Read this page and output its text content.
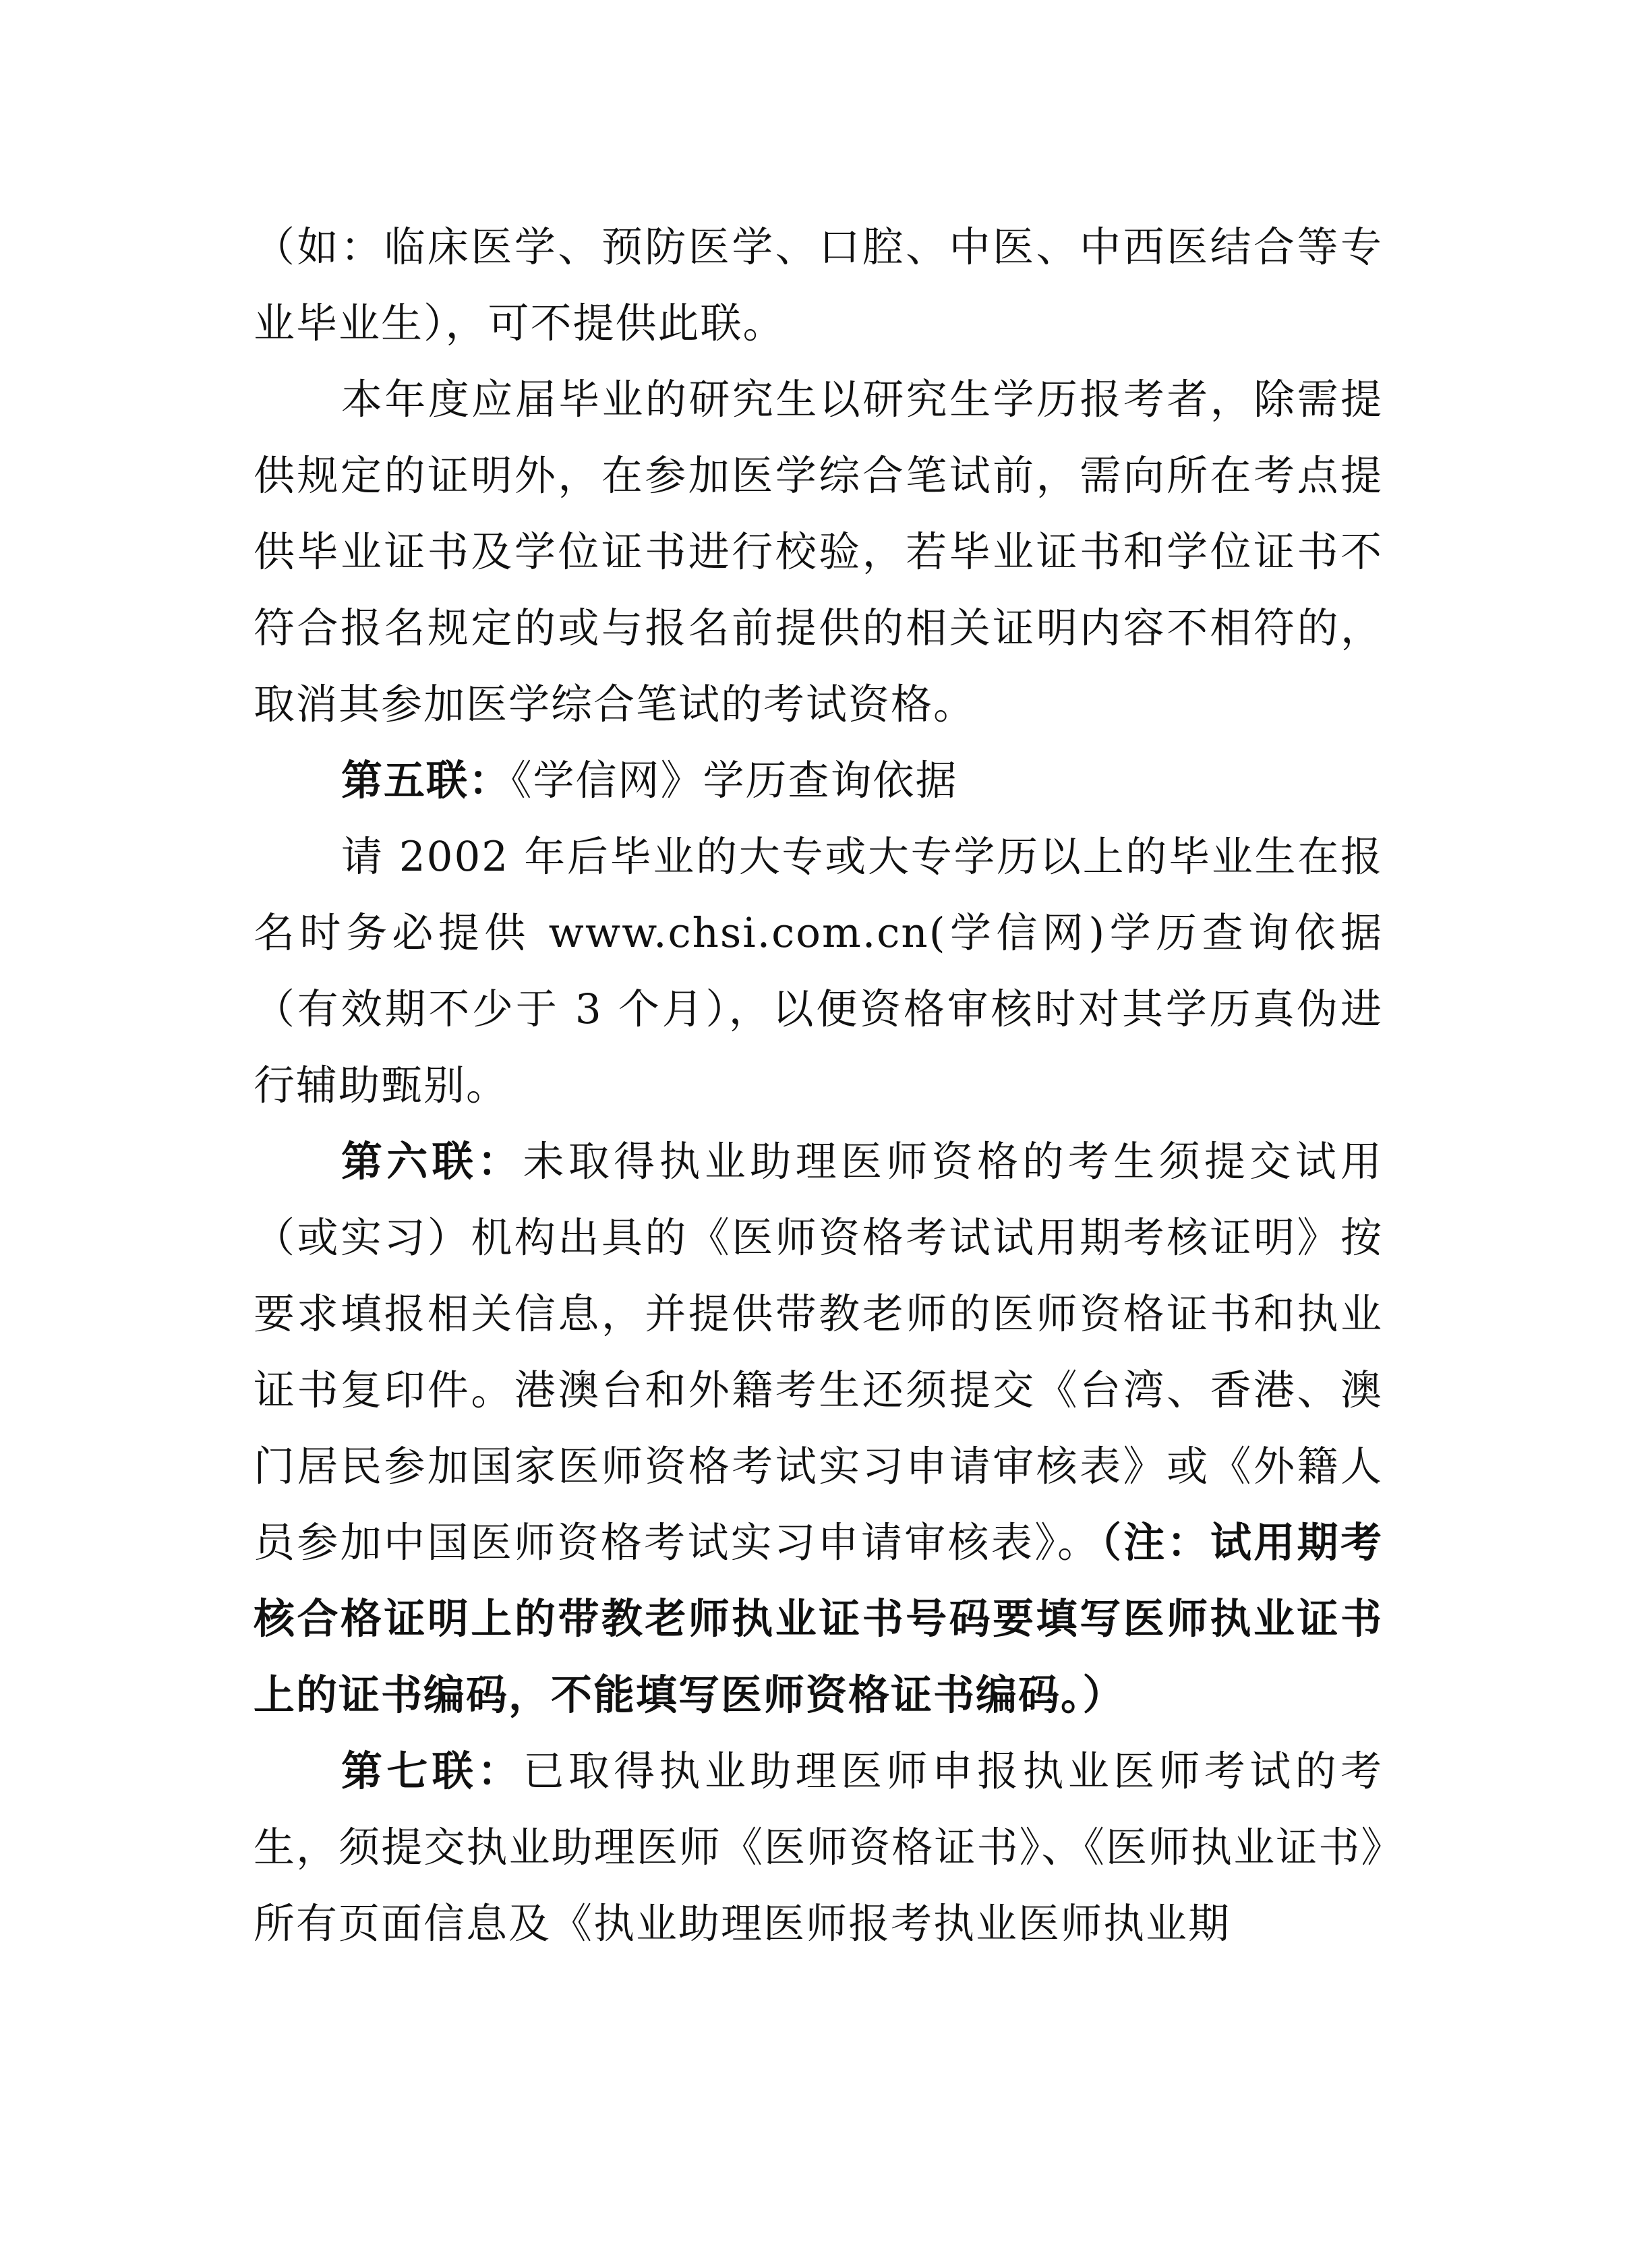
（如：临床医学、预防医学、口腔、中医、中西医结合等专业毕业生），可不提供此联。

本年度应届毕业的研究生以研究生学历报考者，除需提供规定的证明外，在参加医学综合笔试前，需向所在考点提供毕业证书及学位证书进行校验，若毕业证书和学位证书不符合报名规定的或与报名前提供的相关证明内容不相符的，取消其参加医学综合笔试的考试资格。

第五联：《学信网》学历查询依据

请 2002 年后毕业的大专或大专学历以上的毕业生在报名时务必提供 www.chsi.com.cn(学信网)学历查询依据（有效期不少于 3 个月），以便资格审核时对其学历真伪进行辅助甄别。

第六联：未取得执业助理医师资格的考生须提交试用（或实习）机构出具的《医师资格考试试用期考核证明》按要求填报相关信息，并提供带教老师的医师资格证书和执业证书复印件。港澳台和外籍考生还须提交《台湾、香港、澳门居民参加国家医师资格考试实习申请审核表》或《外籍人员参加中国医师资格考试实习申请审核表》。（注：试用期考核合格证明上的带教老师执业证书号码要填写医师执业证书上的证书编码，不能填写医师资格证书编码。）

第七联：已取得执业助理医师申报执业医师考试的考生，须提交执业助理医师《医师资格证书》、《医师执业证书》所有页面信息及《执业助理医师报考执业医师执业期
